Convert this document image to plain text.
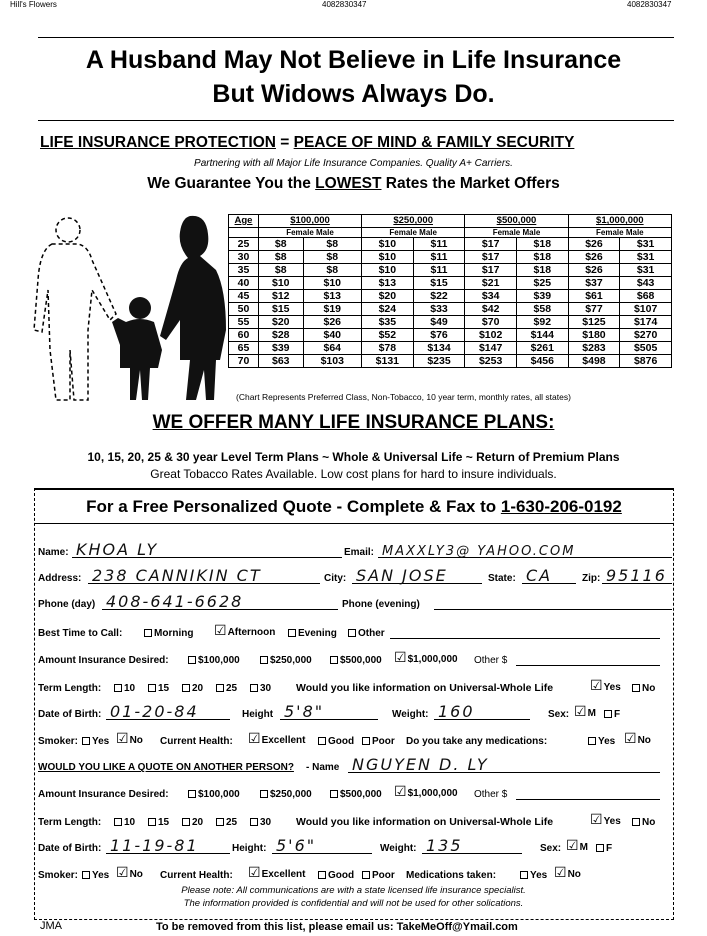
Hill's Flowers	4082830347	4082830347
A Husband May Not Believe in Life Insurance
But Widows Always Do.
LIFE INSURANCE PROTECTION = PEACE OF MIND & FAMILY SECURITY
Partnering with all Major Life Insurance Companies. Quality A+ Carriers.
We Guarantee You the LOWEST Rates the Market Offers
Age	$100,000		$250,000		$500,000		$1,000,000	
	Female Male		Female Male		Female Male		Female Male	
25	$8	$8	$10	$11	$17	$18	$26	$31
30	$8	$8	$10	$11	$17	$18	$26	$31
35	$8	$8	$10	$11	$17	$18	$26	$31
40	$10	$10	$13	$15	$21	$25	$37	$43
45	$12	$13	$20	$22	$34	$39	$61	$68
50	$15	$19	$24	$33	$42	$58	$77	$107
55	$20	$26	$35	$49	$70	$92	$125	$174
60	$28	$40	$52	$76	$102	$144	$180	$270
65	$39	$64	$78	$134	$147	$261	$283	$505
70	$63	$103	$131	$235	$253	$456	$498	$876
(Chart Represents Preferred Class, Non-Tobacco, 10 year term, monthly rates, all states)
WE OFFER MANY LIFE INSURANCE PLANS:
10, 15, 20, 25 & 30 year Level Term Plans ~ Whole & Universal Life ~ Return of Premium Plans
Great Tobacco Rates Available. Low cost plans for hard to insure individuals.
For a Free Personalized Quote - Complete & Fax to 1-630-206-0192
Name: KHOA LY	Email: MAXXLY3@ YAHOO.COM
Address: 238 CANNIKIN CT	City: SAN JOSE	State: CA	Zip: 95116
Phone (day) 408-641-6628	Phone (evening)
Best Time to Call:	Morning ☑Afternoon	Evening	Other
Amount Insurance Desired:	$100,000	$250,000	$500,000 ☑$1,000,000 Other $
Term Length:	10	15	20	25	30 Would you like information on Universal-Whole Life	☑Yes	No
Date of Birth: 01-20-84	Height 5'8"	Weight: 160	Sex: ☑M	F
Smoker:	Yes ☑No Current Health: ☑Excellent	Good	Poor Do you take any medications:	Yes ☑No
WOULD YOU LIKE A QUOTE ON ANOTHER PERSON? - Name NGUYEN D. LY
Amount Insurance Desired:	$100,000	$250,000	$500,000 ☑$1,000,000 Other $
Term Length:	10	15	20	25	30 Would you like information on Universal-Whole Life	☑Yes	No
Date of Birth: 11-19-81	Height: 5'6"	Weight: 135	Sex: ☑M	F
Smoker:	Yes ☑No Current Health: ☑Excellent	Good	Poor Medications taken:	Yes ☑No
Please note: All communications are with a state licensed life insurance specialist.
The information provided is confidential and will not be used for other solications.
JMA	To be removed from this list, please email us: TakeMeOff@Ymail.com
